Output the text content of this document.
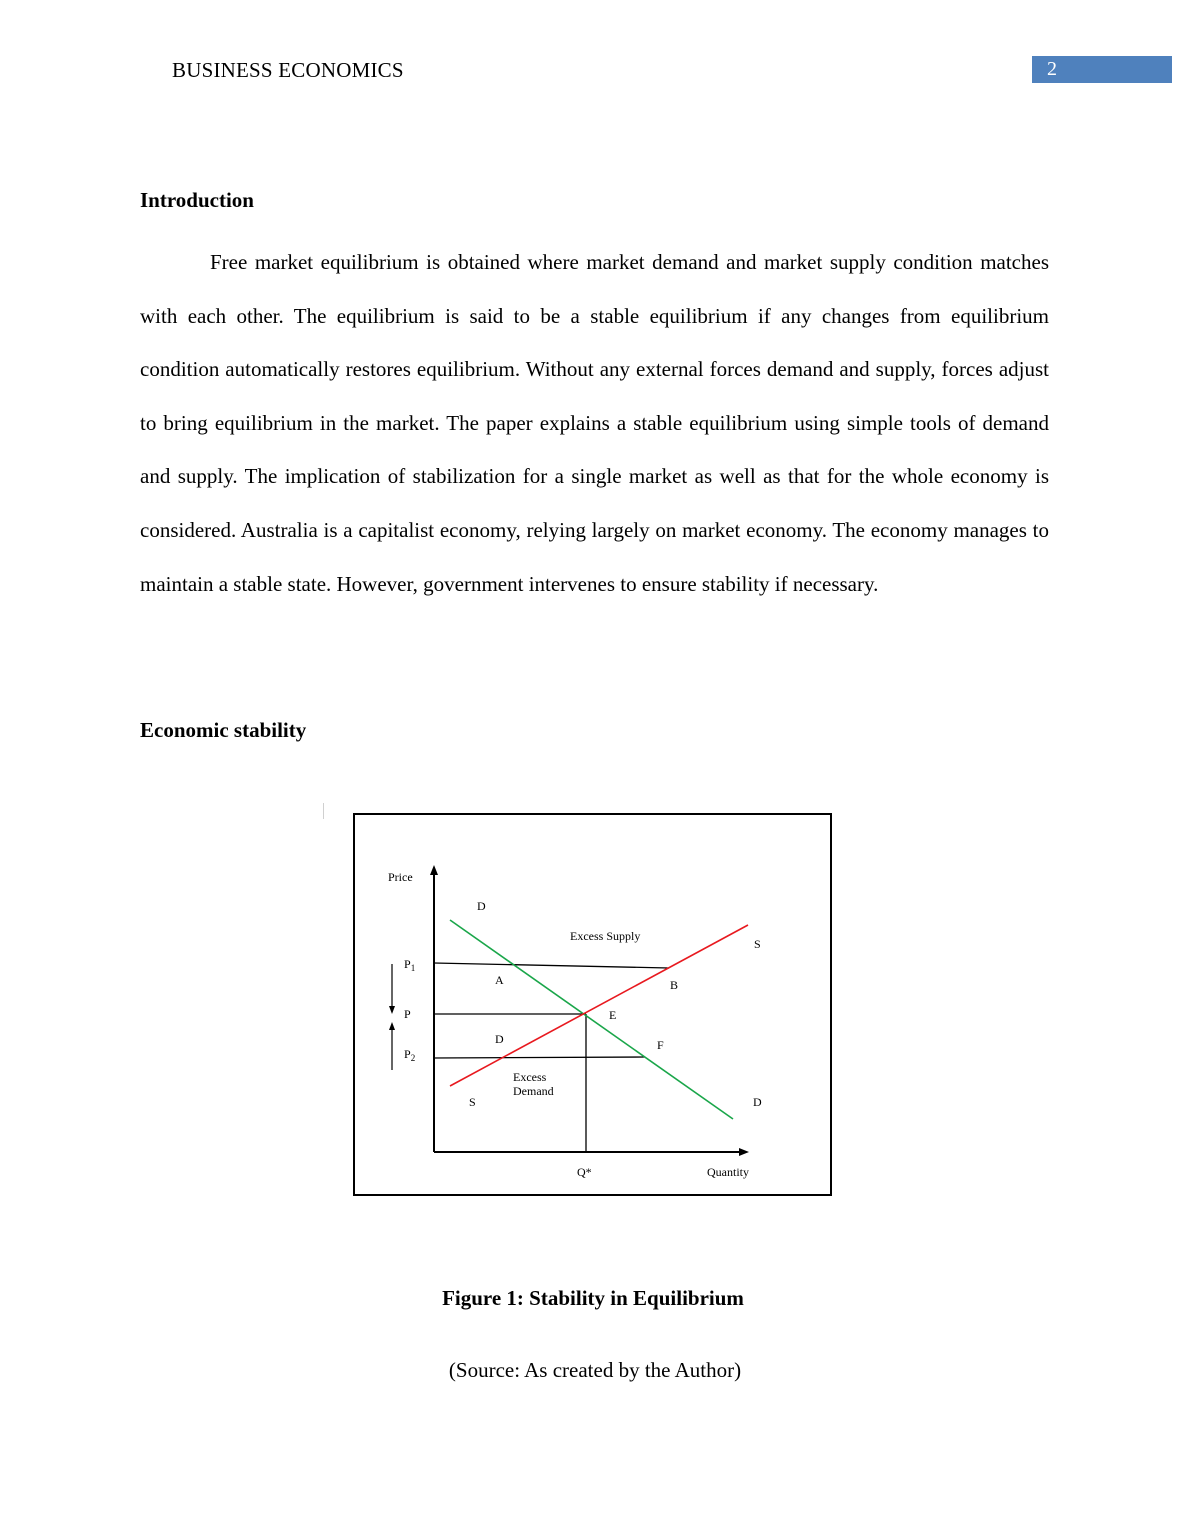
BUSINESS ECONOMICS	2
Introduction

Free market equilibrium is obtained where market demand and market supply condition matches with each other. The equilibrium is said to be a stable equilibrium if any changes from equilibrium condition automatically restores equilibrium. Without any external forces demand and supply, forces adjust to bring equilibrium in the market. The paper explains a stable equilibrium using simple tools of demand and supply. The implication of stabilization for a single market as well as that for the whole economy is considered. Australia is a capitalist economy, relying largely on market economy. The economy manages to maintain a stable state. However, government intervenes to ensure stability if necessary.

Economic stability
Price
Quantity
Q*
$P_1$
P
$P_2$
Excess Supply
Excess
Demand
D
D
S
S
A	B
D
E
F
Figure 1: Stability in Equilibrium
(Source: As created by the Author)
